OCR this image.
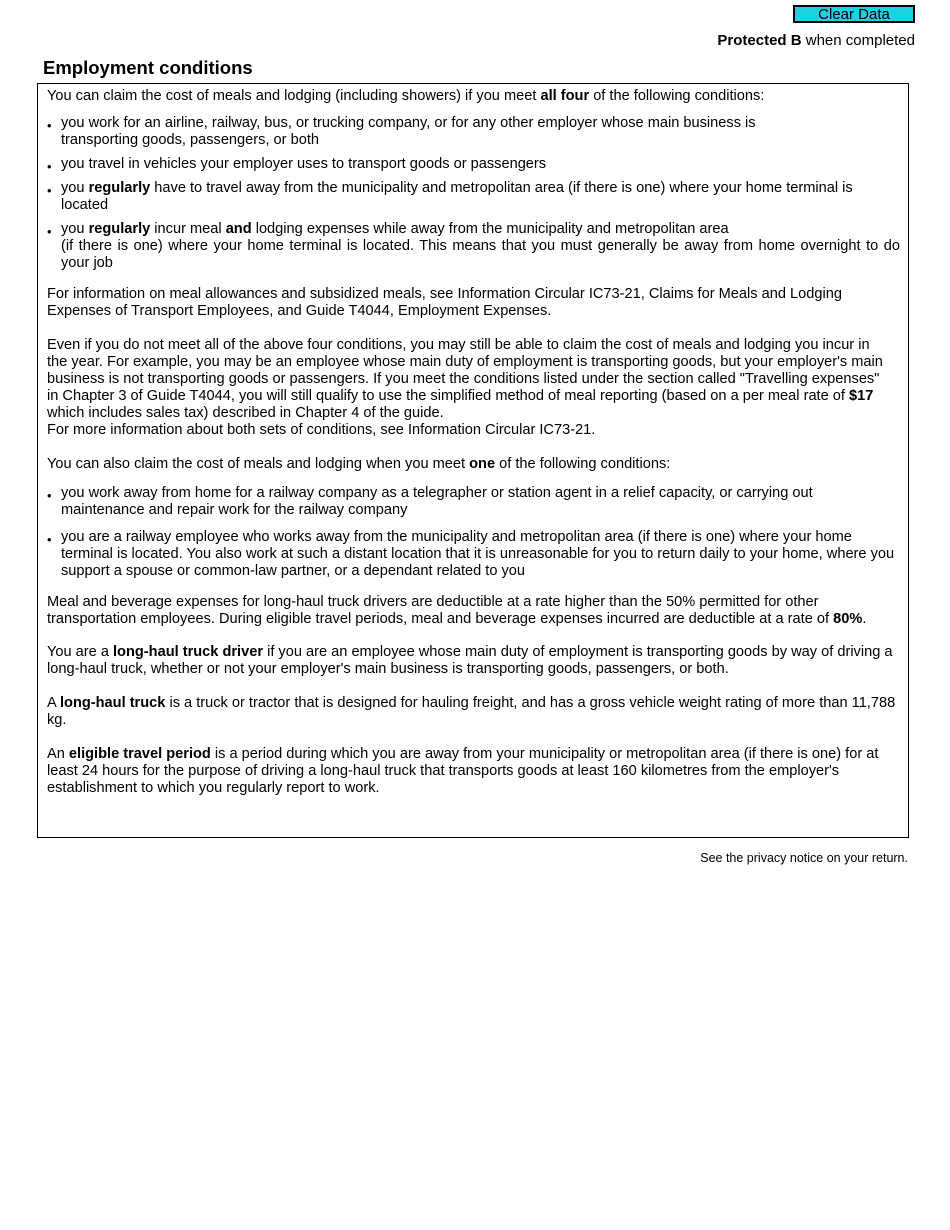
Clear Data
Protected B when completed
Employment conditions

You can claim the cost of meals and lodging (including showers) if you meet all four of the following conditions:

• you work for an airline, railway, bus, or trucking company, or for any other employer whose main business is transporting goods, passengers, or both
• you travel in vehicles your employer uses to transport goods or passengers
• you regularly have to travel away from the municipality and metropolitan area (if there is one) where your home terminal is located
• you regularly incur meal and lodging expenses while away from the municipality and metropolitan area

(if there is one) where your home terminal is located. This means that you must generally be away from home overnight to do your job

For information on meal allowances and subsidized meals, see Information Circular IC73-21, Claims for Meals and Lodging Expenses of Transport Employees, and Guide T4044, Employment Expenses.

Even if you do not meet all of the above four conditions, you may still be able to claim the cost of meals and lodging you incur in the year. For example, you may be an employee whose main duty of employment is transporting goods, but your employer's main business is not transporting goods or passengers. If you meet the conditions listed under the section called "Travelling expenses" in Chapter 3 of Guide T4044, you will still qualify to use the simplified method of meal reporting (based on a per meal rate of $17 which includes sales tax) described in Chapter 4 of the guide.
For more information about both sets of conditions, see Information Circular IC73-21.

You can also claim the cost of meals and lodging when you meet one of the following conditions:

• you work away from home for a railway company as a telegrapher or station agent in a relief capacity, or carrying out maintenance and repair work for the railway company
• you are a railway employee who works away from the municipality and metropolitan area (if there is one) where your home terminal is located. You also work at such a distant location that it is unreasonable for you to return daily to your home, where you support a spouse or common-law partner, or a dependant related to you

Meal and beverage expenses for long-haul truck drivers are deductible at a rate higher than the 50% permitted for other transportation employees. During eligible travel periods, meal and beverage expenses incurred are deductible at a rate of 80%.

You are a long-haul truck driver if you are an employee whose main duty of employment is transporting goods by way of driving a long-haul truck, whether or not your employer's main business is transporting goods, passengers, or both.

A long-haul truck is a truck or tractor that is designed for hauling freight, and has a gross vehicle weight rating of more than 11,788 kg.

An eligible travel period is a period during which you are away from your municipality or metropolitan area (if there is one) for at least 24 hours for the purpose of driving a long-haul truck that transports goods at least 160 kilometres from the employer's establishment to which you regularly report to work.

See the privacy notice on your return.
